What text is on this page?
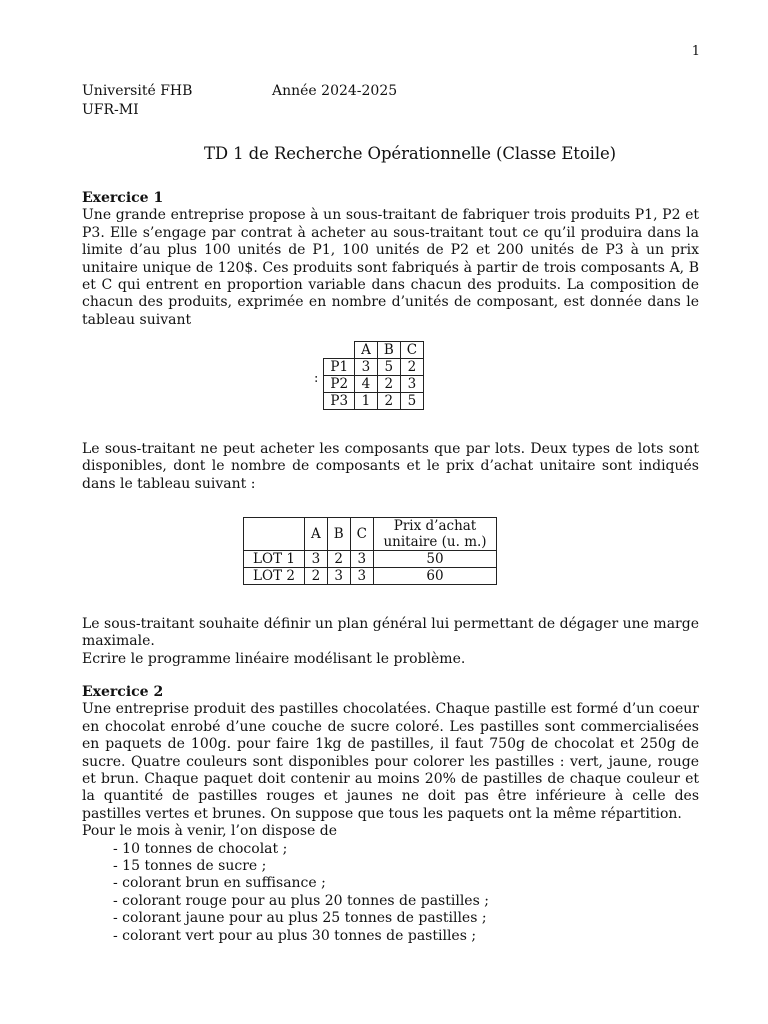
1
Université FHB	Année 2024-2025
UFR-MI
TD 1 de Recherche Opérationnelle (Classe Etoile)
Exercice 1
Une grande entreprise propose à un sous-traitant de fabriquer trois produits P1, P2 et P3. Elle s’engage par contrat à acheter au sous-traitant tout ce qu’il produira dans la limite d’au plus 100 unités de P1, 100 unités de P2 et 200 unités de P3 à un prix unitaire unique de 120$. Ces produits sont fabriqués à partir de trois composants A, B et C qui entrent en proportion variable dans chacun des produits. La composition de chacun des produits, exprimée en nombre d’unités de composant, est donnée dans le tableau suivant
:
	A	B	C
P1	3	5	2
P2	4	2	3
P3	1	2	5
Le sous-traitant ne peut acheter les composants que par lots. Deux types de lots sont disponibles, dont le nombre de composants et le prix d’achat unitaire sont indiqués dans le tableau suivant :
	A	B	C	Prix d’achat
unitaire (u. m.)

LOT 1	3	2	3	50
LOT 2	2	3	3	60
Le sous-traitant souhaite définir un plan général lui permettant de dégager une marge maximale.
Ecrire le programme linéaire modélisant le problème.
Exercice 2
Une entreprise produit des pastilles chocolatées. Chaque pastille est formé d’un coeur en chocolat enrobé d’une couche de sucre coloré. Les pastilles sont commercialisées en paquets de 100g. pour faire 1kg de pastilles, il faut 750g de chocolat et 250g de sucre. Quatre couleurs sont disponibles pour colorer les pastilles : vert, jaune, rouge et brun. Chaque paquet doit contenir au moins 20% de pastilles de chaque couleur et la quantité de pastilles rouges et jaunes ne doit pas être inférieure à celle des pastilles vertes et brunes. On suppose que tous les paquets ont la même répartition.
Pour le mois à venir, l’on dispose de
- 10 tonnes de chocolat ;
- 15 tonnes de sucre ;
- colorant brun en suffisance ;
- colorant rouge pour au plus 20 tonnes de pastilles ;
- colorant jaune pour au plus 25 tonnes de pastilles ;
- colorant vert pour au plus 30 tonnes de pastilles ;
